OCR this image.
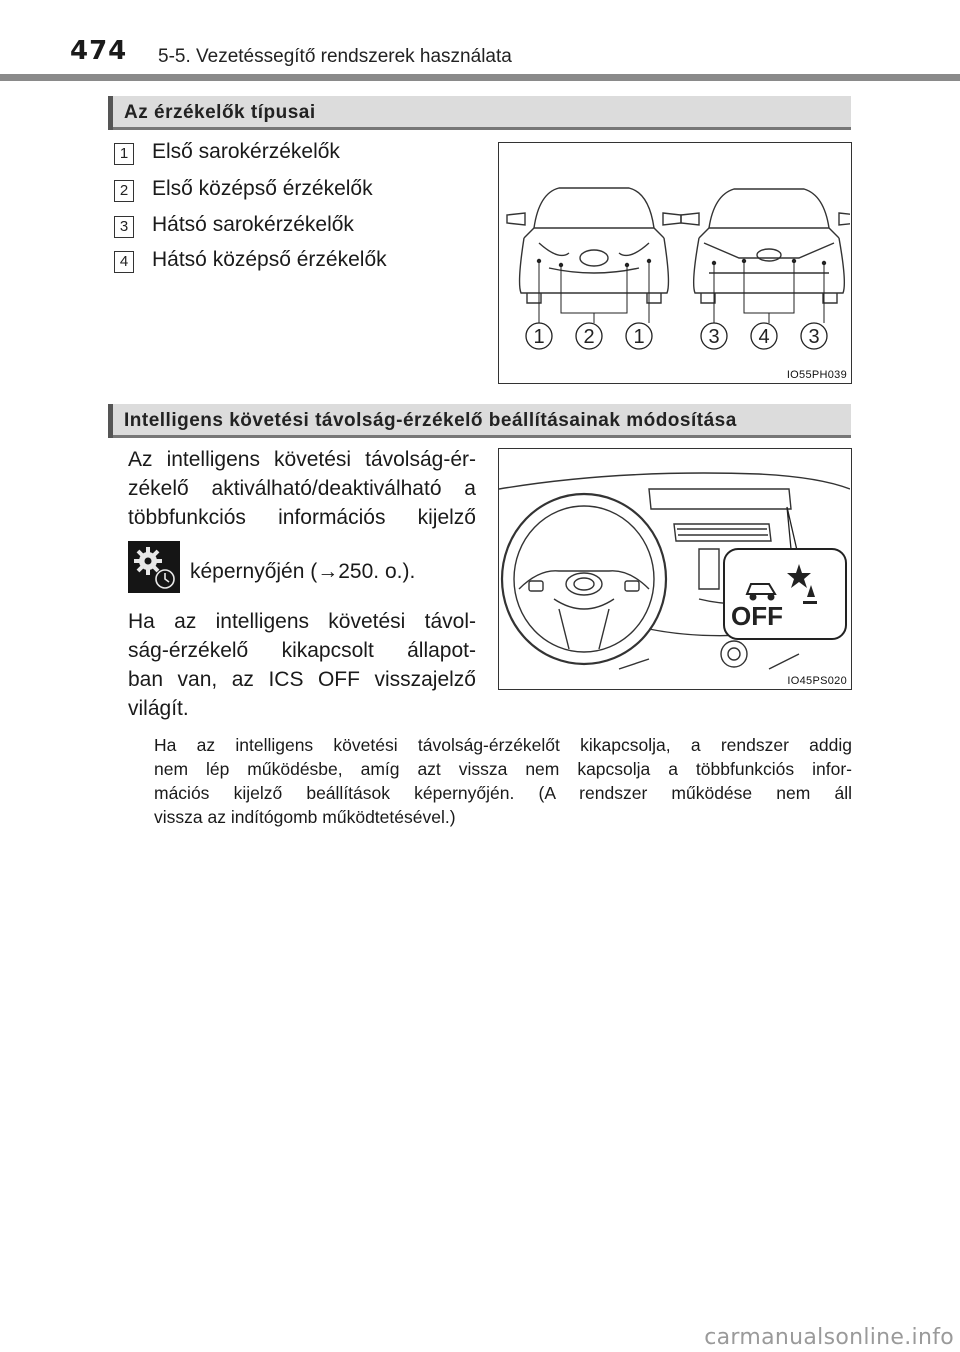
474 5-5. Vezetéssegítő rendszerek használata
Az érzékelők típusai
1 Első sarokérzékelők
2 Első középső érzékelők
3 Hátsó sarokérzékelők
4 Hátsó középső érzékelők
1 2 1	3 4 3
IO55PH039
Intelligens követési távolság-érzékelő beállításainak módosítása
Az intelligens követési távolság-ér-
zékelő aktiválható/deaktiválható a
többfunkciós információs kijelző
képernyőjén (→250. o.).
Ha az intelligens követési távol-
ság-érzékelő kikapcsolt állapot-
ban van, az ICS OFF visszajelző
világít.
OFF
IO45PS020
Ha az intelligens követési távolság-érzékelőt kikapcsolja, a rendszer addig
nem lép működésbe, amíg azt vissza nem kapcsolja a többfunkciós infor-
mációs kijelző beállítások képernyőjén. (A rendszer működése nem áll
vissza az indítógomb működtetésével.)
carmanualsonline.info
